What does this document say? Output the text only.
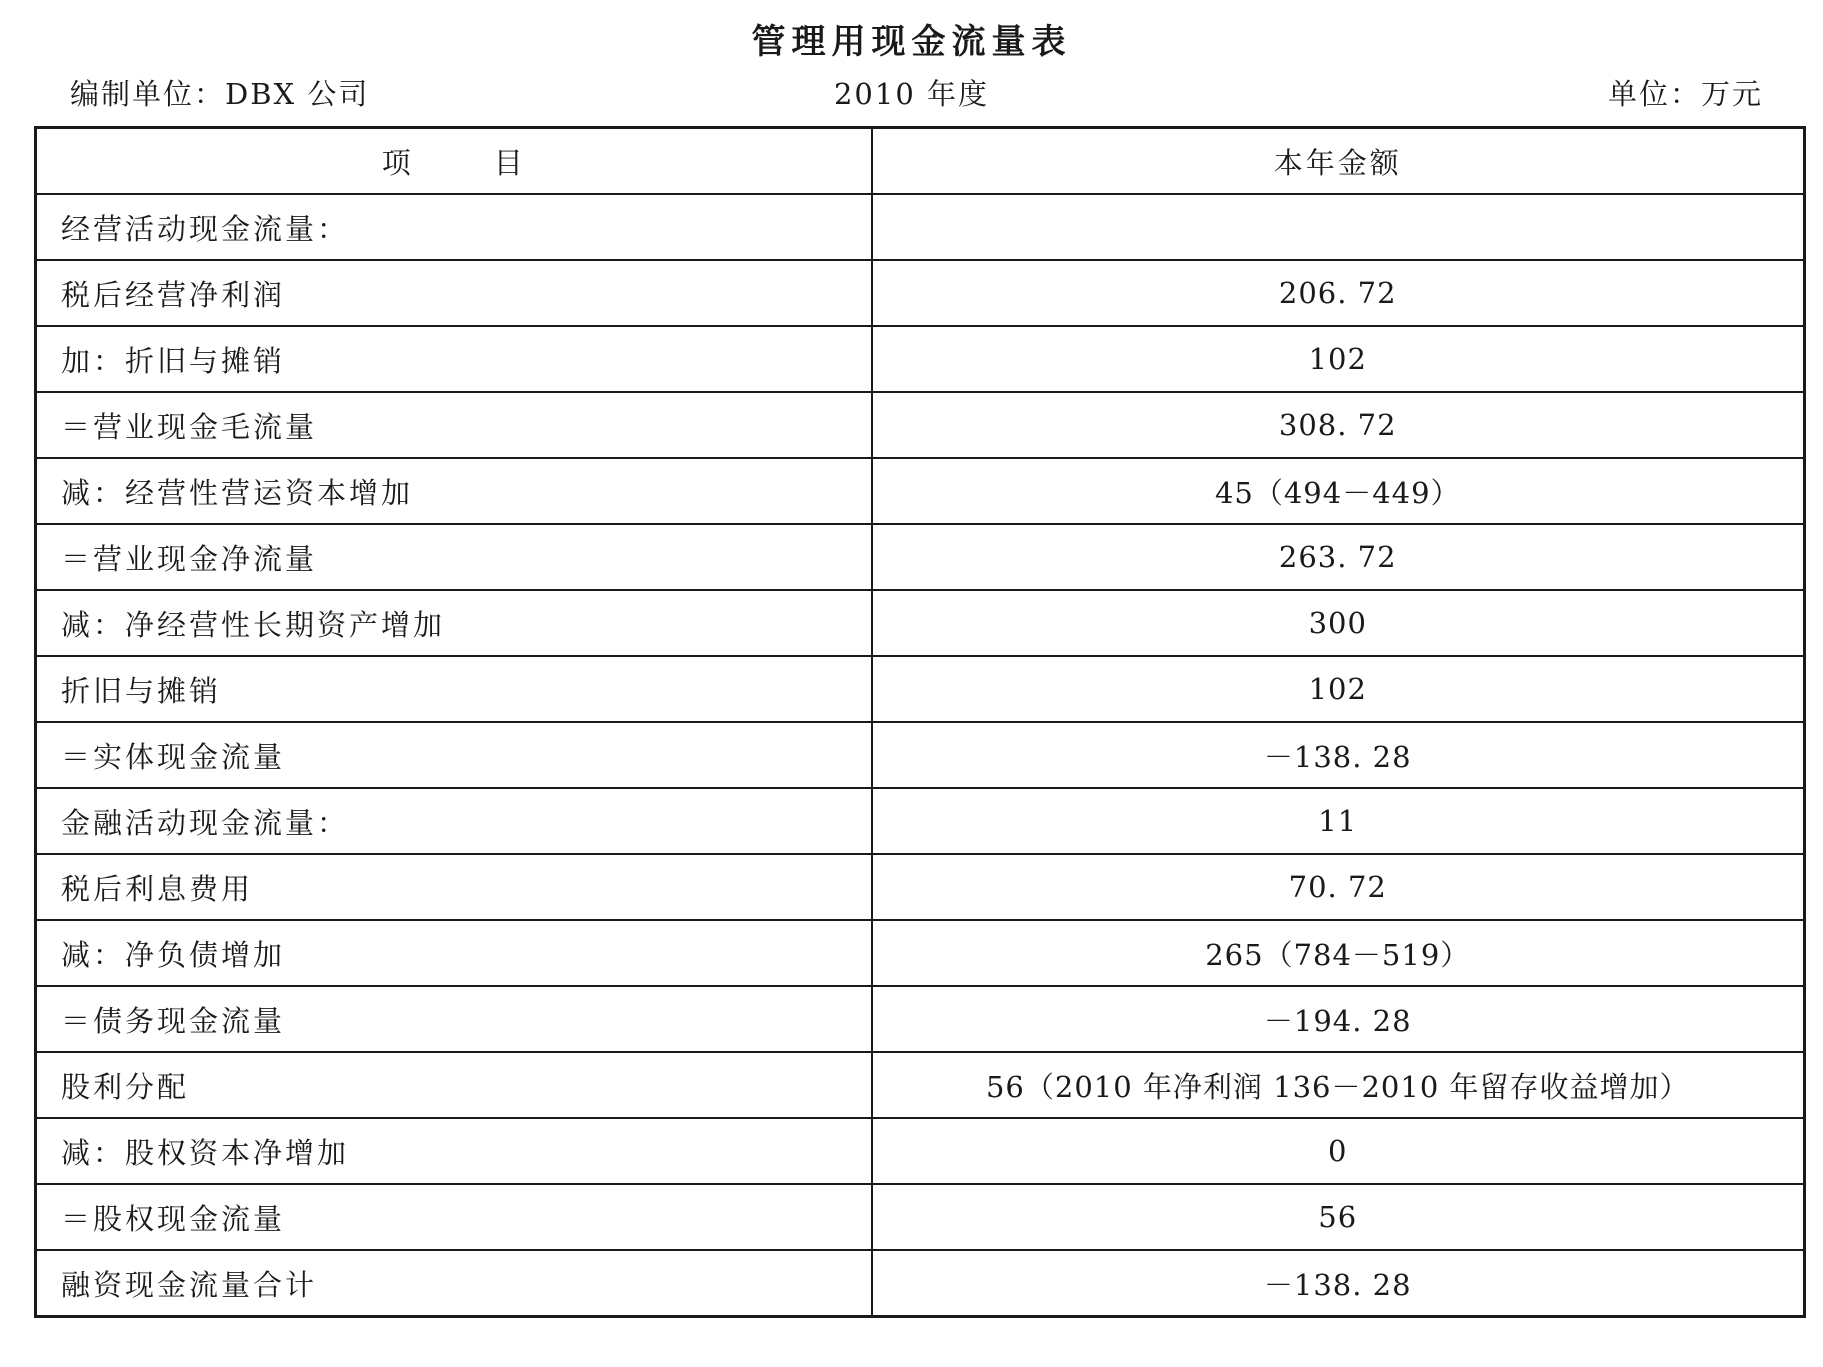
管理用现金流量表
编制单位：DBX 公司	2010 年度	单位：万元
项 目	本年金额
经营活动现金流量：	
税后经营净利润	206. 72
加：折旧与摊销	102
＝营业现金毛流量	308. 72
减：经营性营运资本增加	45（494－449）
＝营业现金净流量	263. 72
减：净经营性长期资产增加	300
折旧与摊销	102
＝实体现金流量	－138. 28
金融活动现金流量：	11
税后利息费用	70. 72
减：净负债增加	265（784－519）
＝债务现金流量	－194. 28
股利分配	56（2010 年净利润 136－2010 年留存收益增加）
减：股权资本净增加	0
＝股权现金流量	56
融资现金流量合计	－138. 28
